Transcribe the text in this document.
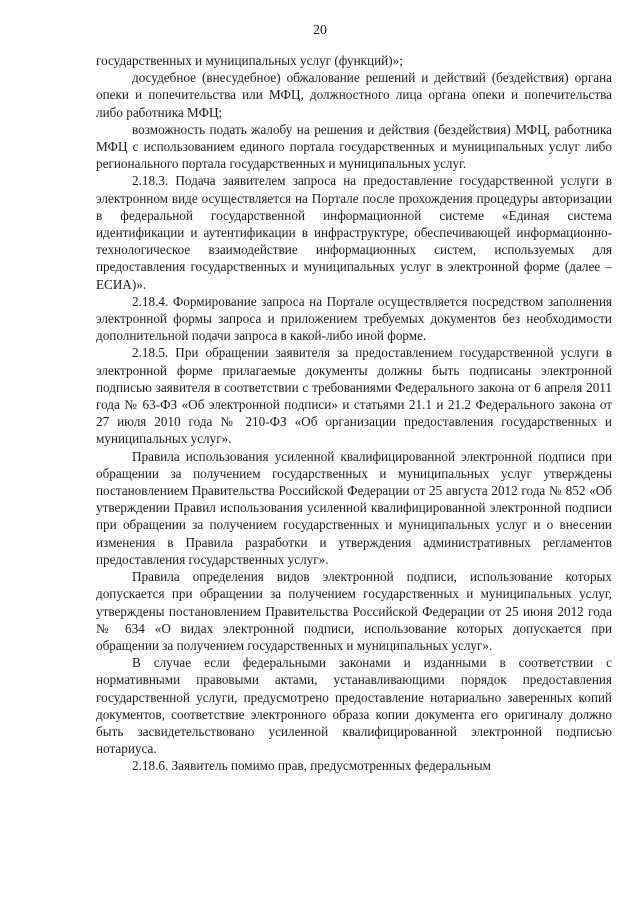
20

государственных и муниципальных услуг (функций)»;

досудебное (внесудебное) обжалование решений и действий (бездействия) органа опеки и попечительства или МФЦ, должностного лица органа опеки и попечительства либо работника МФЦ;

возможность подать жалобу на решения и действия (бездействия) МФЦ, работника МФЦ с использованием единого портала государственных и муниципальных услуг либо регионального портала государственных и муниципальных услуг.

2.18.3. Подача заявителем запроса на предоставление государственной услуги в электронном виде осуществляется на Портале после прохождения процедуры авторизации в федеральной государственной информационной системе «Единая система идентификации и аутентификации в инфраструктуре, обеспечивающей информационно-технологическое взаимодействие информационных систем, используемых для предоставления государственных и муниципальных услуг в электронной форме (далее – ЕСИА)».

2.18.4. Формирование запроса на Портале осуществляется посредством заполнения электронной формы запроса и приложением требуемых документов без необходимости дополнительной подачи запроса в какой-либо иной форме.

2.18.5. При обращении заявителя за предоставлением государственной услуги в электронной форме прилагаемые документы должны быть подписаны электронной подписью заявителя в соответствии с требованиями Федерального закона от 6 апреля 2011 года № 63-ФЗ «Об электронной подписи» и статьями 21.1 и 21.2 Федерального закона от 27 июля 2010 года № 210-ФЗ «Об организации предоставления государственных и муниципальных услуг».

Правила использования усиленной квалифицированной электронной подписи при обращении за получением государственных и муниципальных услуг утверждены постановлением Правительства Российской Федерации от 25 августа 2012 года № 852 «Об утверждении Правил использования усиленной квалифицированной электронной подписи при обращении за получением государственных и муниципальных услуг и о внесении изменения в Правила разработки и утверждения административных регламентов предоставления государственных услуг».

Правила определения видов электронной подписи, использование которых допускается при обращении за получением государственных и муниципальных услуг, утверждены постановлением Правительства Российской Федерации от 25 июня 2012 года № 634 «О видах электронной подписи, использование которых допускается при обращении за получением государственных и муниципальных услуг».

В случае если федеральными законами и изданными в соответствии с нормативными правовыми актами, устанавливающими порядок предоставления государственной услуги, предусмотрено предоставление нотариально заверенных копий документов, соответствие электронного образа копии документа его оригиналу должно быть засвидетельствовано усиленной квалифицированной электронной подписью нотариуса.

2.18.6. Заявитель помимо прав, предусмотренных федеральным
